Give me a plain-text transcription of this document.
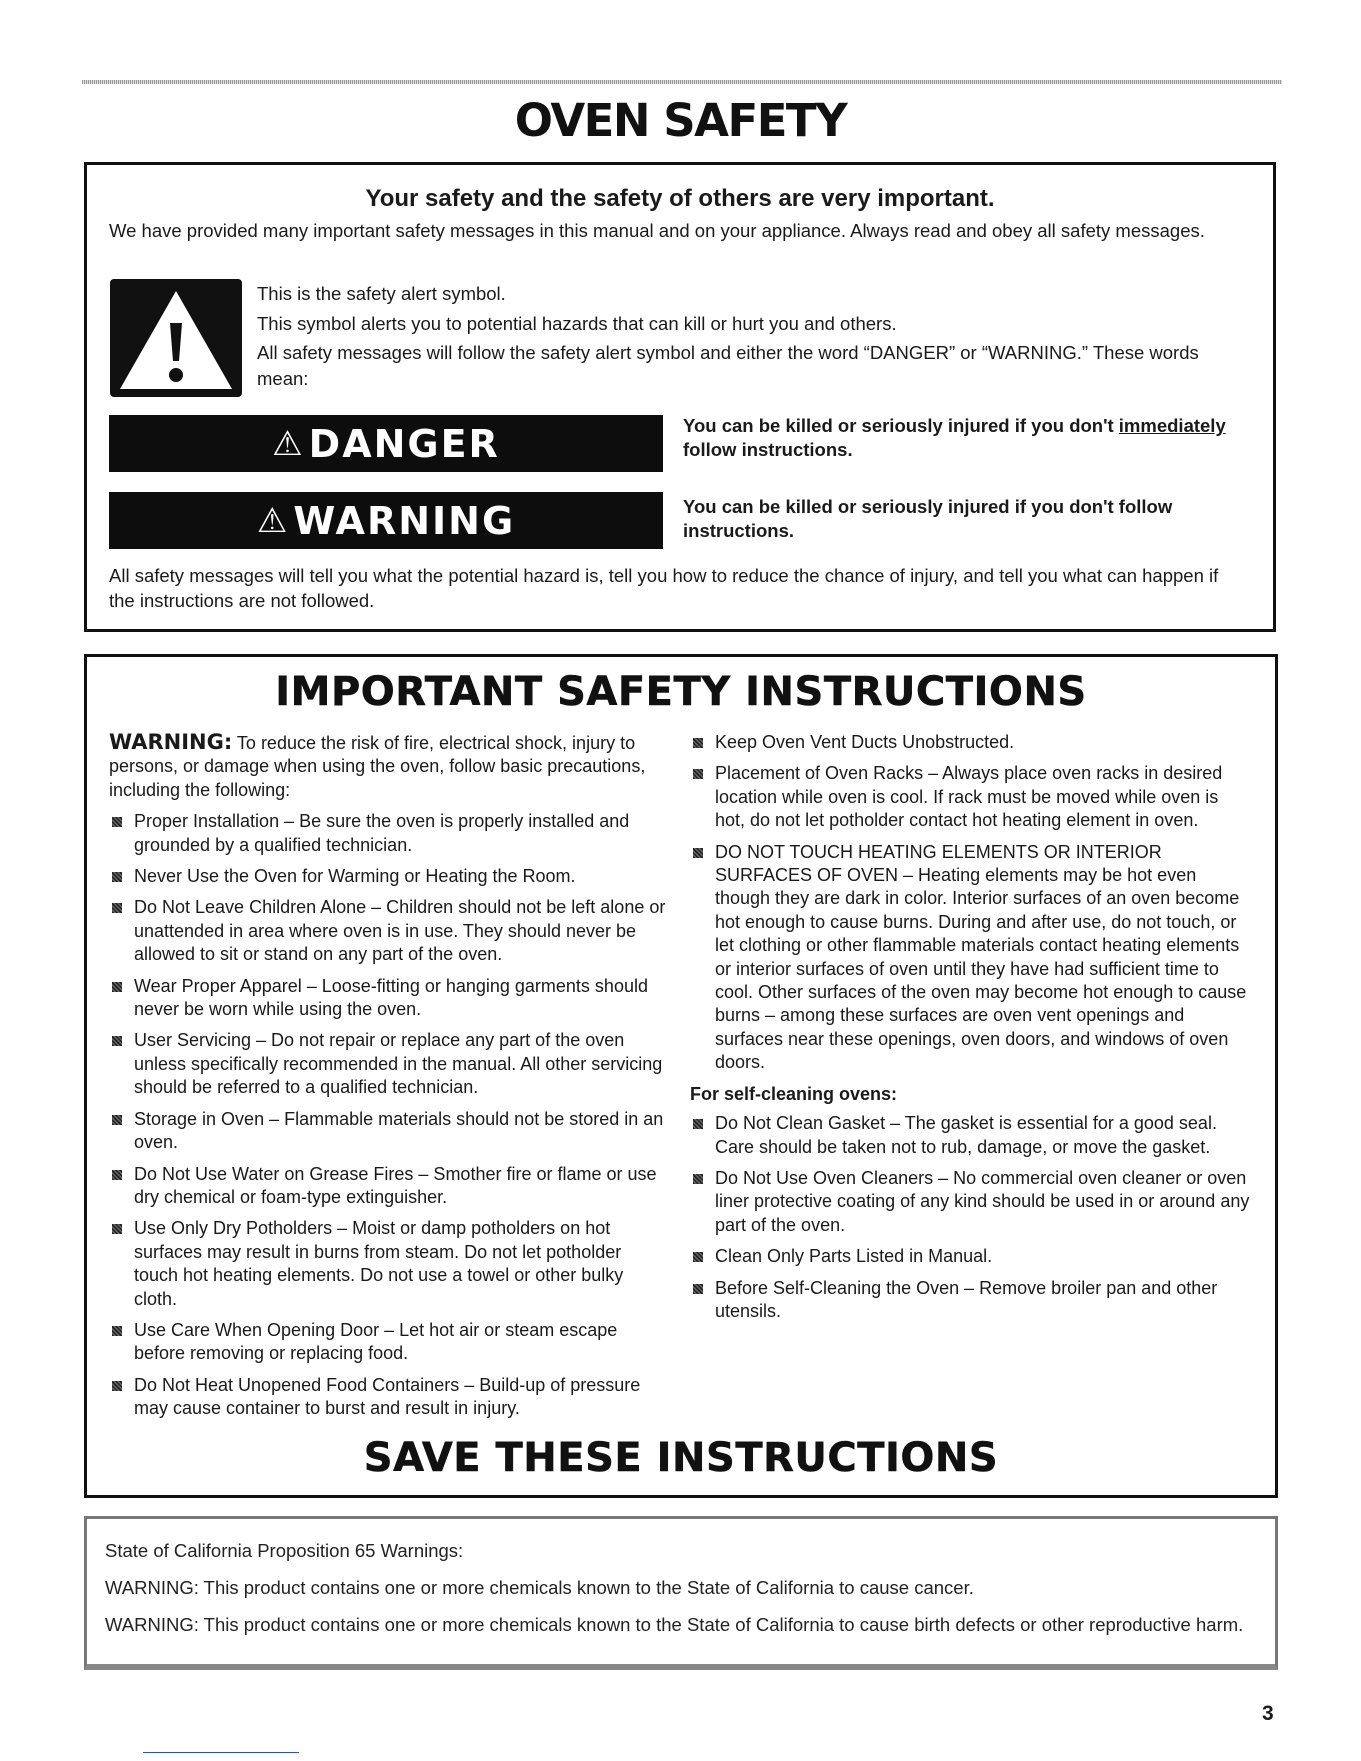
OVEN SAFETY
Your safety and the safety of others are very important.

We have provided many important safety messages in this manual and on your appliance. Always read and obey all safety messages.

This is the safety alert symbol.

This symbol alerts you to potential hazards that can kill or hurt you and others.

All safety messages will follow the safety alert symbol and either the word “DANGER” or “WARNING.” These words mean:

⚠ DANGER	You can be killed or seriously injured if you don't immediately follow instructions.

⚠ WARNING	You can be killed or seriously injured if you don't follow instructions.

All safety messages will tell you what the potential hazard is, tell you how to reduce the chance of injury, and tell you what can happen if the instructions are not followed.

IMPORTANT SAFETY INSTRUCTIONS

WARNING: To reduce the risk of fire, electrical shock, injury to persons, or damage when using the oven, follow basic precautions, including the following:

Proper Installation – Be sure the oven is properly installed and grounded by a qualified technician.
Never Use the Oven for Warming or Heating the Room.
Do Not Leave Children Alone – Children should not be left alone or unattended in area where oven is in use. They should never be allowed to sit or stand on any part of the oven.
Wear Proper Apparel – Loose-fitting or hanging garments should never be worn while using the oven.
User Servicing – Do not repair or replace any part of the oven unless specifically recommended in the manual. All other servicing should be referred to a qualified technician.
Storage in Oven – Flammable materials should not be stored in an oven.
Do Not Use Water on Grease Fires – Smother fire or flame or use dry chemical or foam-type extinguisher.
Use Only Dry Potholders – Moist or damp potholders on hot surfaces may result in burns from steam. Do not let potholder touch hot heating elements. Do not use a towel or other bulky cloth.
Use Care When Opening Door – Let hot air or steam escape before removing or replacing food.
Do Not Heat Unopened Food Containers – Build-up of pressure may cause container to burst and result in injury.
Keep Oven Vent Ducts Unobstructed.
Placement of Oven Racks – Always place oven racks in desired location while oven is cool. If rack must be moved while oven is hot, do not let potholder contact hot heating element in oven.
DO NOT TOUCH HEATING ELEMENTS OR INTERIOR SURFACES OF OVEN – Heating elements may be hot even though they are dark in color. Interior surfaces of an oven become hot enough to cause burns. During and after use, do not touch, or let clothing or other flammable materials contact heating elements or interior surfaces of oven until they have had sufficient time to cool. Other surfaces of the oven may become hot enough to cause burns – among these surfaces are oven vent openings and surfaces near these openings, oven doors, and windows of oven doors.

For self-cleaning ovens:

Do Not Clean Gasket – The gasket is essential for a good seal. Care should be taken not to rub, damage, or move the gasket.
Do Not Use Oven Cleaners – No commercial oven cleaner or oven liner protective coating of any kind should be used in or around any part of the oven.
Clean Only Parts Listed in Manual.
Before Self-Cleaning the Oven – Remove broiler pan and other utensils.
SAVE THESE INSTRUCTIONS

State of California Proposition 65 Warnings:

WARNING: This product contains one or more chemicals known to the State of California to cause cancer.

WARNING: This product contains one or more chemicals known to the State of California to cause birth defects or other reproductive harm.

3
